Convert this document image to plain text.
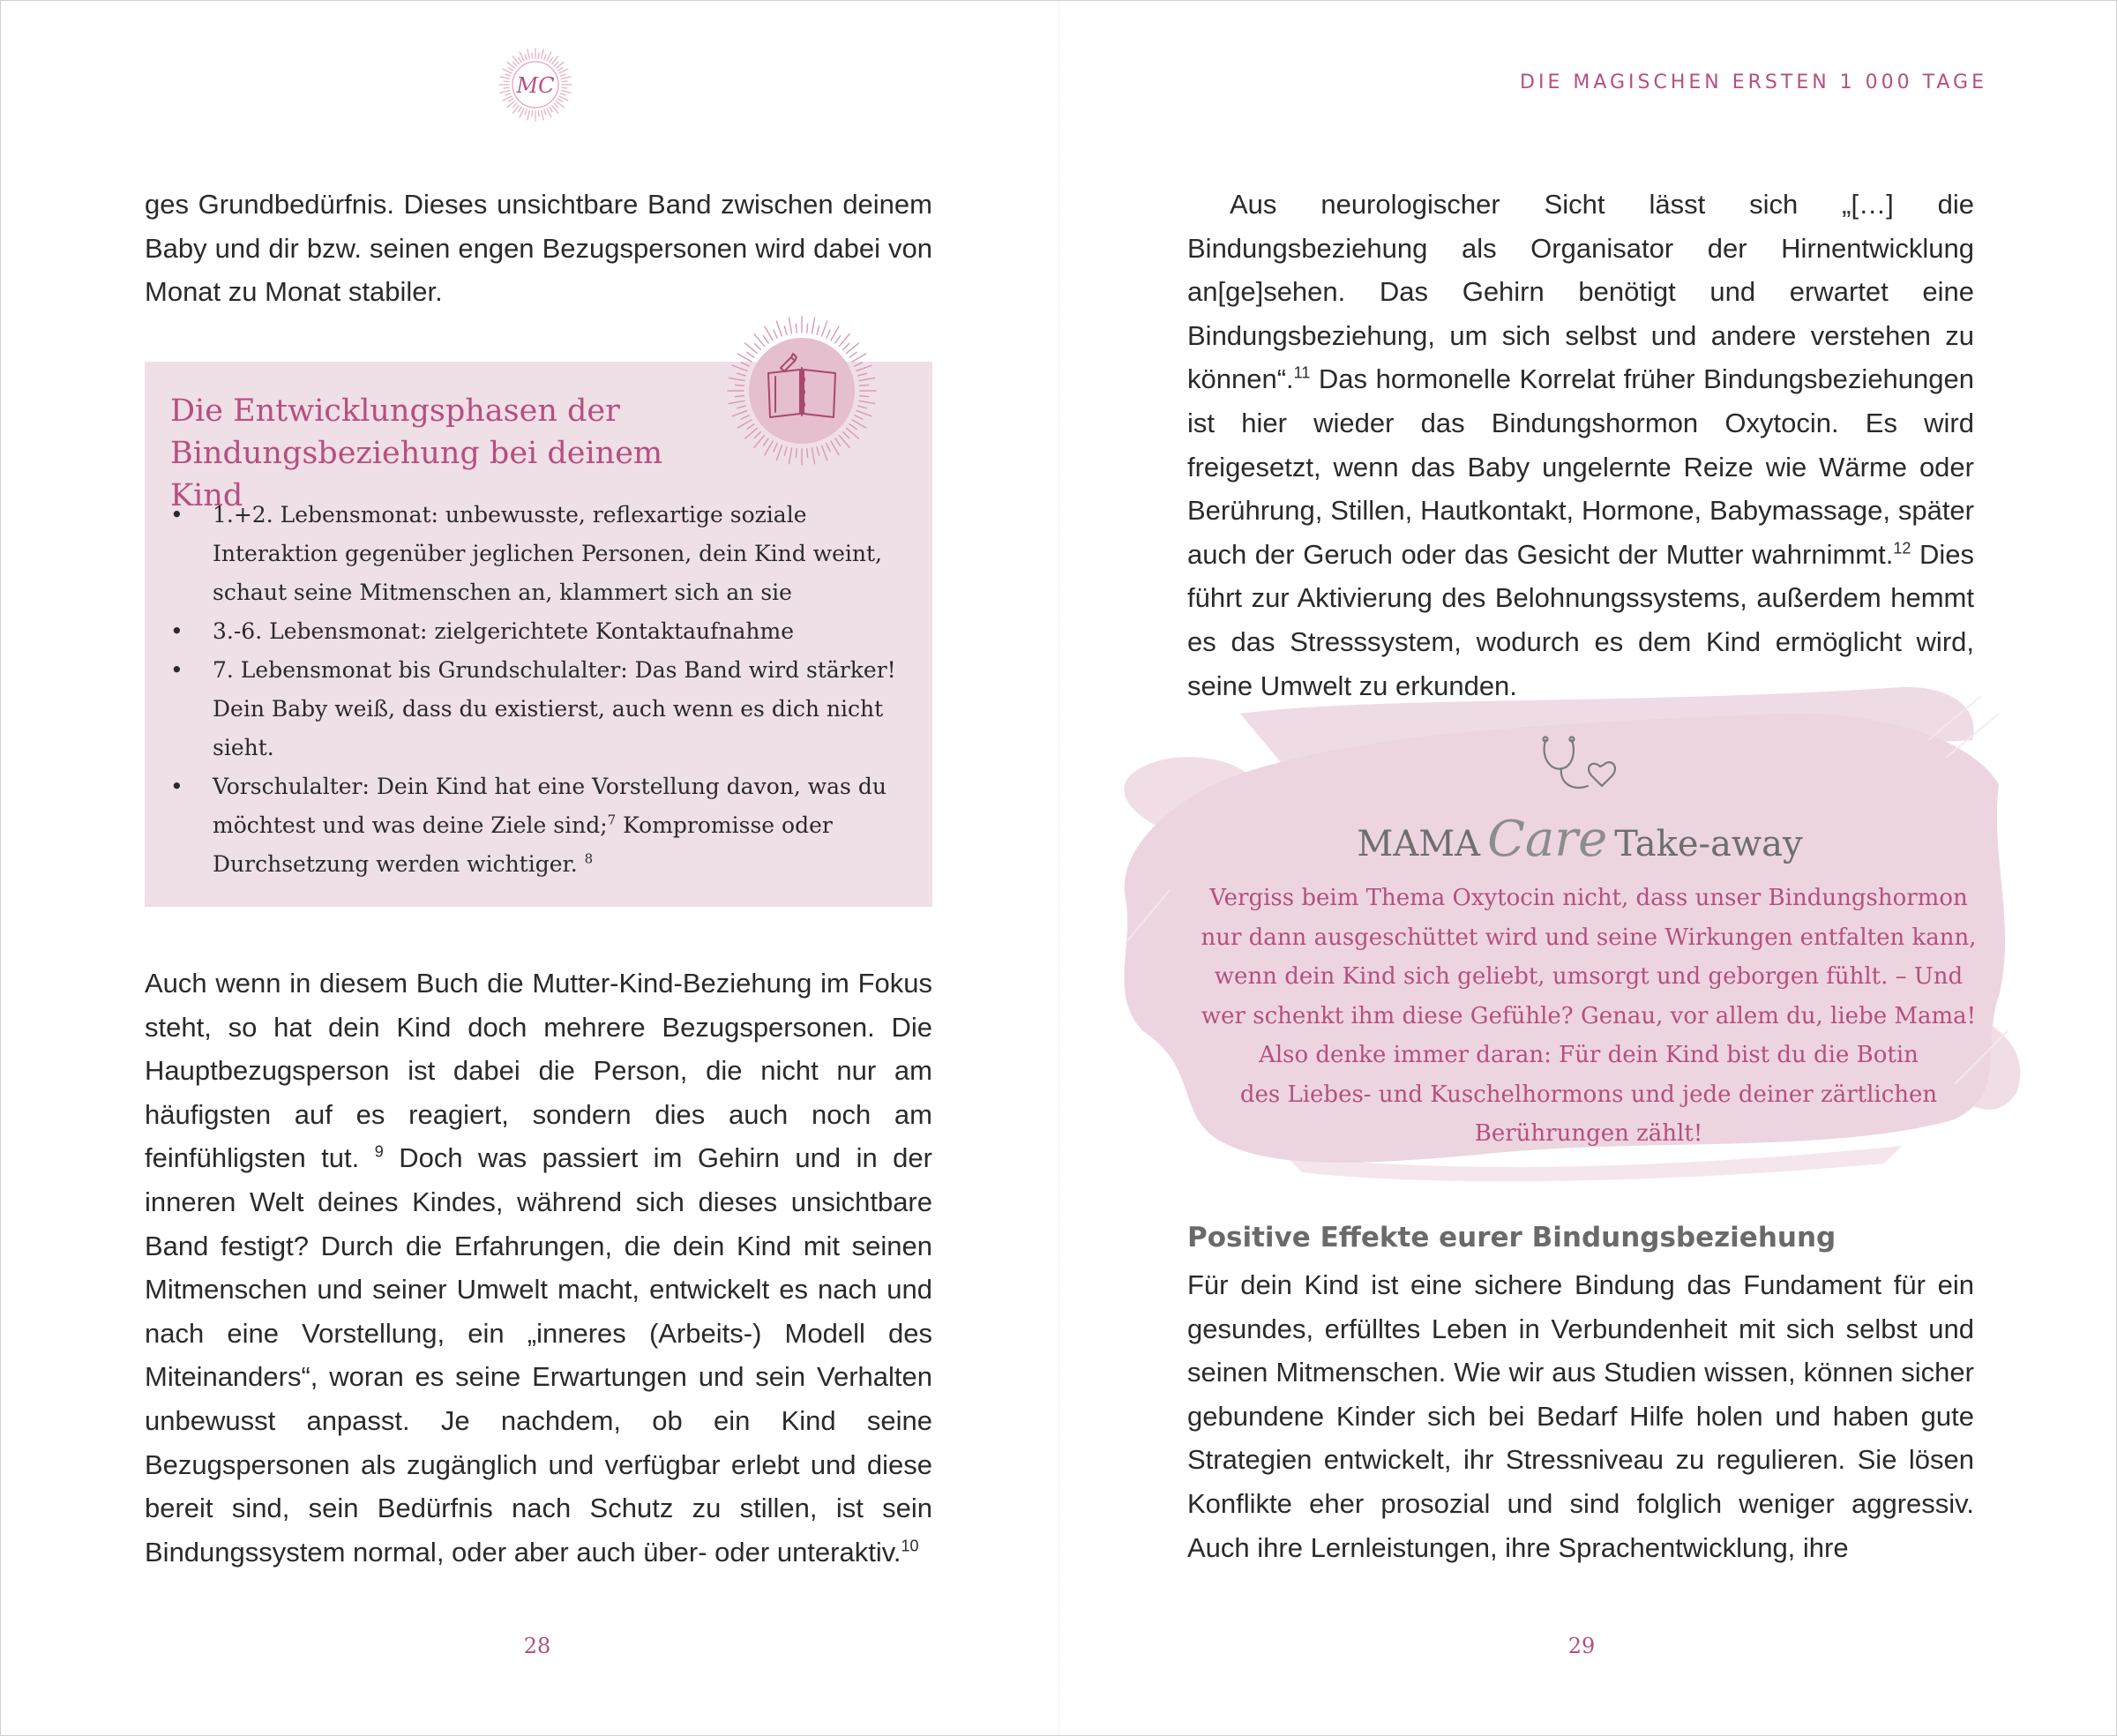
MC

ges Grundbedürfnis. Dieses unsichtbare Band zwischen deinem Baby und dir bzw. seinen engen Bezugspersonen wird dabei von Monat zu Monat stabiler.

Die Entwicklungsphasen der
Bindungsbeziehung bei deinem Kind
• 1.+2. Lebensmonat: unbewusste, reflexartige soziale Interaktion gegenüber jeglichen Personen, dein Kind weint, schaut seine Mitmenschen an, klammert sich an sie
• 3.-6. Lebensmonat: zielgerichtete Kontaktaufnahme
• 7. Lebensmonat bis Grundschulalter: Das Band wird stärker! Dein Baby weiß, dass du existierst, auch wenn es dich nicht sieht.
• Vorschulalter: Dein Kind hat eine Vorstellung davon, was du möchtest und was deine Ziele sind;$^7$ Kompromisse oder Durchsetzung werden wichtiger. $^8$

Auch wenn in diesem Buch die Mutter-Kind-Beziehung im Fokus steht, so hat dein Kind doch mehrere Bezugspersonen. Die Hauptbezugsperson ist dabei die Person, die nicht nur am häufigsten auf es reagiert, sondern dies auch noch am feinfühligsten tut. $^9$ Doch was passiert im Gehirn und in der inneren Welt deines Kindes, während sich dieses unsichtbare Band festigt? Durch die Erfahrungen, die dein Kind mit seinen Mitmenschen und seiner Umwelt macht, entwickelt es nach und nach eine Vorstellung, ein „inneres (Arbeits-) Modell des Miteinanders“, woran es seine Erwartungen und sein Verhalten unbewusst anpasst. Je nachdem, ob ein Kind seine Bezugspersonen als zugänglich und verfügbar erlebt und diese bereit sind, sein Bedürfnis nach Schutz zu stillen, ist sein Bindungssystem normal, oder aber auch über- oder unteraktiv.$^{10}$

28
DIE MAGISCHEN ERSTEN 1 000 TAGE

Aus neurologischer Sicht lässt sich „[…] die Bindungsbeziehung als Organisator der Hirnentwicklung an[ge]sehen. Das Gehirn benötigt und erwartet eine Bindungsbeziehung, um sich selbst und andere verstehen zu können“.$^{11}$ Das hormonelle Korrelat früher Bindungsbeziehungen ist hier wieder das Bindungshormon Oxytocin. Es wird freigesetzt, wenn das Baby ungelernte Reize wie Wärme oder Berührung, Stillen, Hautkontakt, Hormone, Babymassage, später auch der Geruch oder das Gesicht der Mutter wahrnimmt.$^{12}$ Dies führt zur Aktivierung des Belohnungssystems, außerdem hemmt es das Stresssystem, wodurch es dem Kind ermöglicht wird, seine Umwelt zu erkunden.

MAMA Care Take-away

Vergiss beim Thema Oxytocin nicht, dass unser Bindungshormon
nur dann ausgeschüttet wird und seine Wirkungen entfalten kann,
wenn dein Kind sich geliebt, umsorgt und geborgen fühlt. – Und
wer schenkt ihm diese Gefühle? Genau, vor allem du, liebe Mama!
Also denke immer daran: Für dein Kind bist du die Botin
des Liebes- und Kuschelhormons und jede deiner zärtlichen
Berührungen zählt!

Positive Effekte eurer Bindungsbeziehung

Für dein Kind ist eine sichere Bindung das Fundament für ein gesundes, erfülltes Leben in Verbundenheit mit sich selbst und seinen Mitmenschen. Wie wir aus Studien wissen, können sicher gebundene Kinder sich bei Bedarf Hilfe holen und haben gute Strategien entwickelt, ihr Stressniveau zu regulieren. Sie lösen Konflikte eher prosozial und sind folglich weniger aggressiv. Auch ihre Lernleistungen, ihre Sprachentwicklung, ihre

29
